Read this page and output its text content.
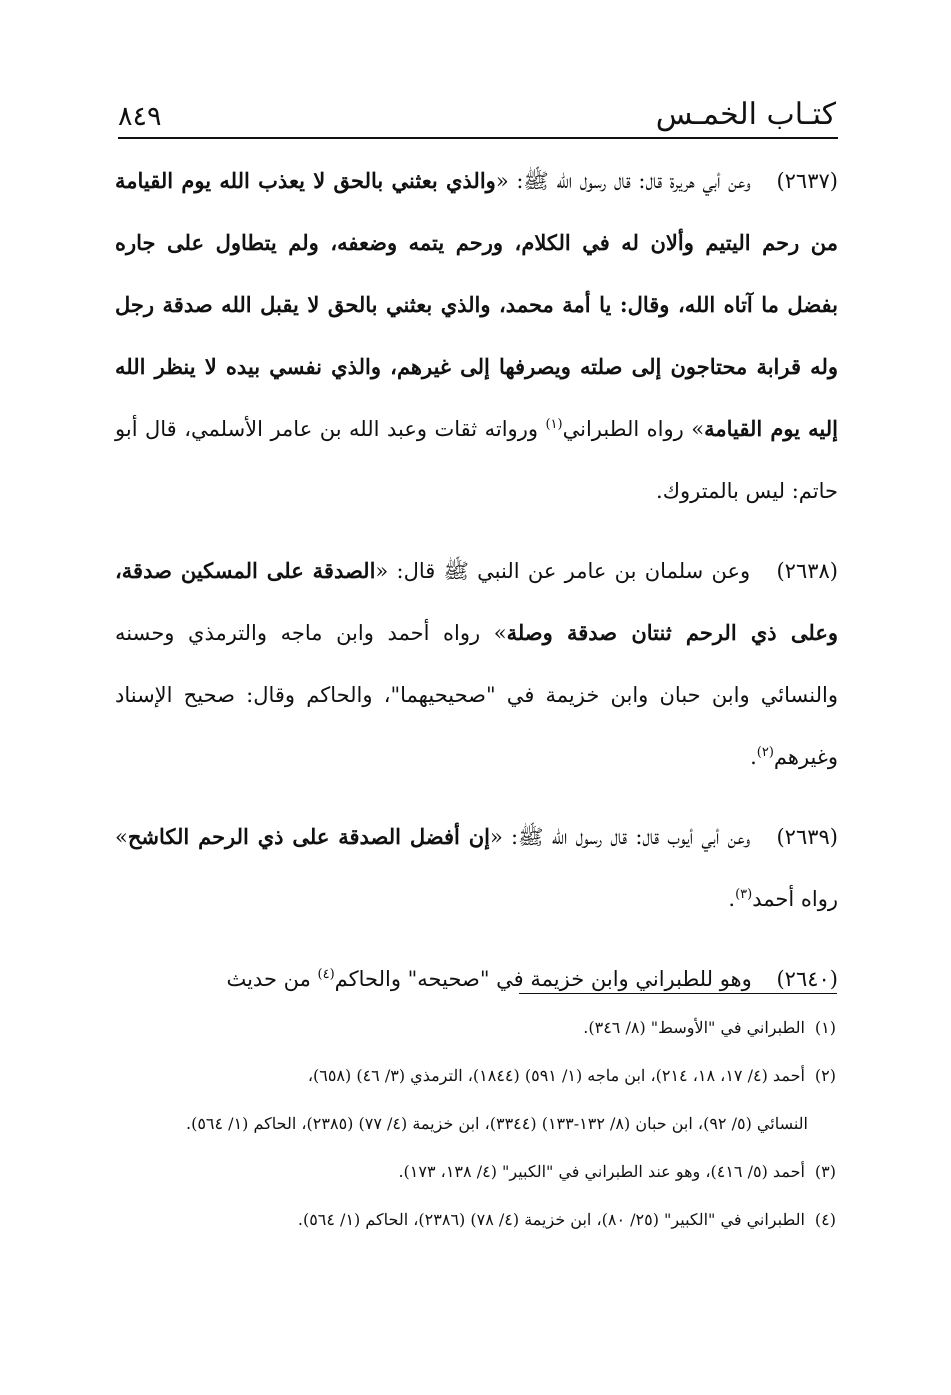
كتـاب الخمـس
٨٤٩

(٢٦٣٧) وعن أبي هريرة قال: قال رسول الله ﷺ: «والذي بعثني بالحق لا يعذب الله يوم القيامة من رحم اليتيم وألان له في الكلام، ورحم يتمه وضعفه، ولم يتطاول على جاره بفضل ما آتاه الله، وقال: يا أمة محمد، والذي بعثني بالحق لا يقبل الله صدقة رجل وله قرابة محتاجون إلى صلته ويصرفها إلى غيرهم، والذي نفسي بيده لا ينظر الله إليه يوم القيامة» رواه الطبراني$^{(١)}$ ورواته ثقات وعبد الله بن عامر الأسلمي، قال أبو حاتم: ليس بالمتروك.

(٢٦٣٨) وعن سلمان بن عامر عن النبي ﷺ قال: «الصدقة على المسكين صدقة، وعلى ذي الرحم ثنتان صدقة وصلة» رواه أحمد وابن ماجه والترمذي وحسنه والنسائي وابن حبان وابن خزيمة في "صحيحيهما"، والحاكم وقال: صحيح الإسناد وغيرهم$^{(٢)}$.

(٢٦٣٩) وعن أبي أيوب قال: قال رسول الله ﷺ: «إن أفضل الصدقة على ذي الرحم الكاشح» رواه أحمد$^{(٣)}$.

(٢٦٤٠) وهو للطبراني وابن خزيمة في "صحيحه" والحاكم$^{(٤)}$ من حديث

(١)الطبراني في "الأوسط" (٨/ ٣٤٦).

(٢)أحمد (٤/ ١٧، ١٨، ٢١٤)، ابن ماجه (١/ ٥٩١) (١٨٤٤)، الترمذي (٣/ ٤٦) (٦٥٨)،
النسائي (٥/ ٩٢)، ابن حبان (٨/ ١٣٢-١٣٣) (٣٣٤٤)، ابن خزيمة (٤/ ٧٧) (٢٣٨٥)، الحاكم (١/ ٥٦٤).

(٣)أحمد (٥/ ٤١٦)، وهو عند الطبراني في "الكبير" (٤/ ١٣٨، ١٧٣).

(٤)الطبراني في "الكبير" (٢٥/ ٨٠)، ابن خزيمة (٤/ ٧٨) (٢٣٨٦)، الحاكم (١/ ٥٦٤).
